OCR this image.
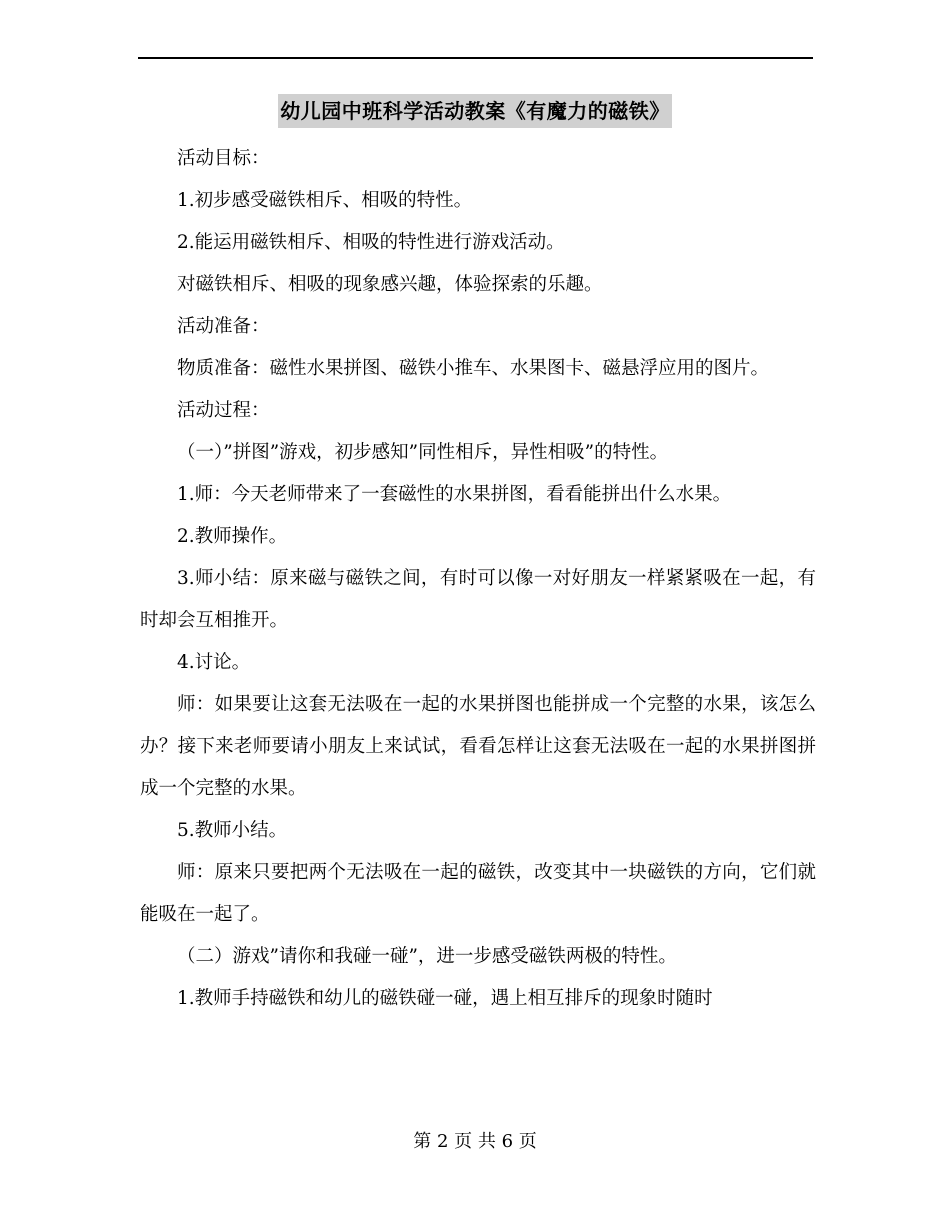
幼儿园中班科学活动教案《有魔力的磁铁》

活动目标：

1.初步感受磁铁相斥、相吸的特性。

2.能运用磁铁相斥、相吸的特性进行游戏活动。

对磁铁相斥、相吸的现象感兴趣，体验探索的乐趣。

活动准备：

物质准备：磁性水果拼图、磁铁小推车、水果图卡、磁悬浮应用的图片。

活动过程：

（一）”拼图”游戏，初步感知”同性相斥，异性相吸”的特性。

1.师：今天老师带来了一套磁性的水果拼图，看看能拼出什么水果。

2.教师操作。

3.师小结：原来磁与磁铁之间，有时可以像一对好朋友一样紧紧吸在一起，有时却会互相推开。

4.讨论。

师：如果要让这套无法吸在一起的水果拼图也能拼成一个完整的水果，该怎么办？接下来老师要请小朋友上来试试，看看怎样让这套无法吸在一起的水果拼图拼成一个完整的水果。

5.教师小结。

师：原来只要把两个无法吸在一起的磁铁，改变其中一块磁铁的方向，它们就能吸在一起了。

（二）游戏”请你和我碰一碰”，进一步感受磁铁两极的特性。

1.教师手持磁铁和幼儿的磁铁碰一碰，遇上相互排斥的现象时随时

第 2 页 共 6 页
